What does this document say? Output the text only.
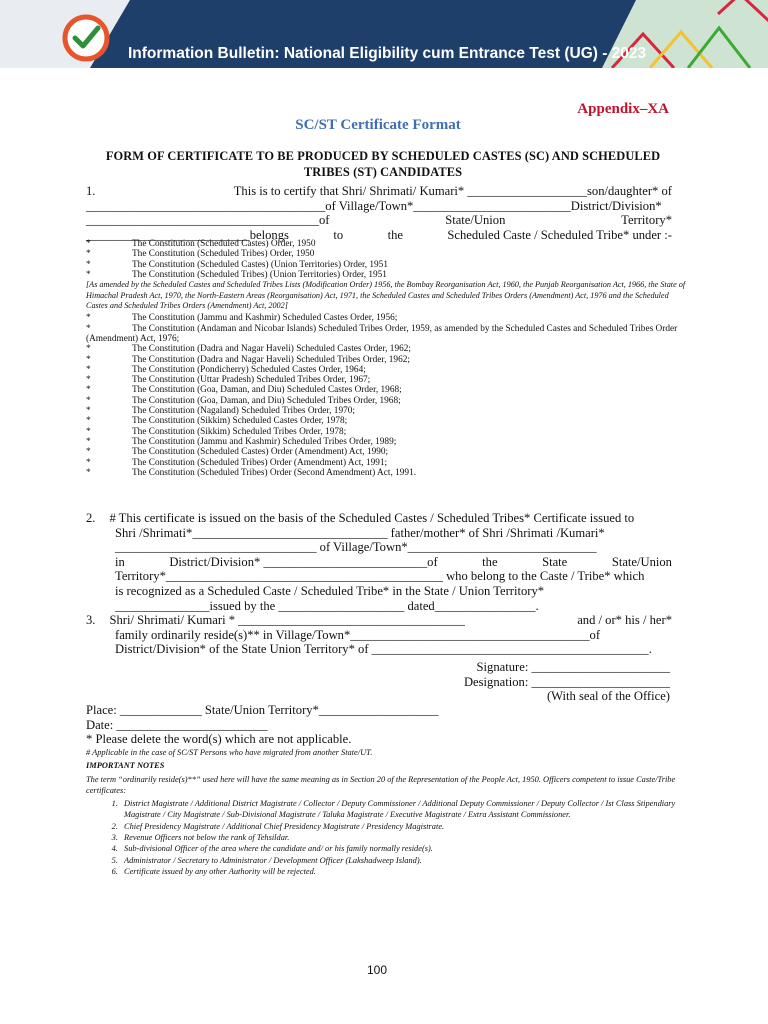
Information Bulletin: National Eligibility cum Entrance Test (UG) - 2023
Appendix–XA
SC/ST Certificate Format
FORM OF CERTIFICATE TO BE PRODUCED BY SCHEDULED CASTES (SC) AND SCHEDULED TRIBES (ST) CANDIDATES
1.	This is to certify that Shri/ Shrimati/ Kumari* ___________________son/daughter* of
______________________________________of Village/Town*_________________________District/Division*
_____________________________________of	State/Union	Territory*
__________________________belongs	to	the	Scheduled Caste / Scheduled Tribe* under :-
*	The Constitution (Scheduled Castes) Order, 1950
*	The Constitution (Scheduled Tribes) Order, 1950
*	The Constitution (Scheduled Castes) (Union Territories) Order, 1951
*	The Constitution (Scheduled Tribes) (Union Territories) Order, 1951
[As amended by the Scheduled Castes and Scheduled Tribes Lists (Modification Order) 1956, the Bombay Reorganisation Act, 1960, the Punjab Reorganisation Act, 1966, the State of Himachal Pradesh Act, 1970, the North-Eastern Areas (Reorganisation) Act, 1971, the Scheduled Castes and Scheduled Tribes Orders (Amendment) Act, 1976 and the Scheduled Castes and Scheduled Tribes Orders (Amendment) Act, 2002]
*	The Constitution (Jammu and Kashmir) Scheduled Castes Order, 1956;
*	The Constitution (Andaman and Nicobar Islands) Scheduled Tribes Order, 1959, as amended by the Scheduled Castes and Scheduled Tribes Order (Amendment) Act, 1976;
*	The Constitution (Dadra and Nagar Haveli) Scheduled Castes Order, 1962;
*	The Constitution (Dadra and Nagar Haveli) Scheduled Tribes Order, 1962;
*	The Constitution (Pondicherry) Scheduled Castes Order, 1964;
*	The Constitution (Uttar Pradesh) Scheduled Tribes Order, 1967;
*	The Constitution (Goa, Daman, and Diu) Scheduled Castes Order, 1968;
*	The Constitution (Goa, Daman, and Diu) Scheduled Tribes Order, 1968;
*	The Constitution (Nagaland) Scheduled Tribes Order, 1970;
*	The Constitution (Sikkim) Scheduled Castes Order, 1978;
*	The Constitution (Sikkim) Scheduled Tribes Order, 1978;
*	The Constitution (Jammu and Kashmir) Scheduled Tribes Order, 1989;
*	The Constitution (Scheduled Castes) Order (Amendment) Act, 1990;
*	The Constitution (Scheduled Tribes) Order (Amendment) Act, 1991;
*	The Constitution (Scheduled Tribes) Order (Second Amendment) Act, 1991.
2.	# This certificate is issued on the basis of the Scheduled Castes / Scheduled Tribes* Certificate issued to
Shri /Shrimati*_______________________________ father/mother* of Shri /Shrimati /Kumari*
________________________________ of Village/Town*______________________________
in	District/Division* __________________________of	the	State	State/Union
Territory*____________________________________________ who belong to the Caste / Tribe* which
is recognized as a Scheduled Caste / Scheduled Tribe* in the State / Union Territory*
_______________issued by the ____________________ dated________________.
3. Shri/ Shrimati/ Kumari * ____________________________________	and / or* his / her*
family ordinarily reside(s)** in Village/Town*______________________________________of
District/Division* of the State Union Territory* of ____________________________________________.
Signature: ______________________
Designation: ______________________
(With seal of the Office)
Place: _____________ State/Union Territory*___________________
Date: ________________________
* Please delete the word(s) which are not applicable.

# Applicable in the case of SC/ST Persons who have migrated from another State/UT.

IMPORTANT NOTES

The term “ordinarily reside(s)**” used here will have the same meaning as in Section 20 of the Representation of the People Act, 1950. Officers competent to issue Caste/Tribe certificates:

1. District Magistrate / Additional District Magistrate / Collector / Deputy Commissioner / Additional Deputy Commissioner / Deputy Collector / Ist Class Stipendiary Magistrate / City Magistrate / Sub-Divisional Magistrate / Taluka Magistrate / Executive Magistrate / Extra Assistant Commissioner.
2. Chief Presidency Magistrate / Additional Chief Presidency Magistrate / Presidency Magistrate.
3. Revenue Officers not below the rank of Tehsildar.
4. Sub-divisional Officer of the area where the candidate and/ or his family normally reside(s).
5. Administrator / Secretary to Administrator / Development Officer (Lakshadweep Island).
6. Certificate issued by any other Authority will be rejected.
100
